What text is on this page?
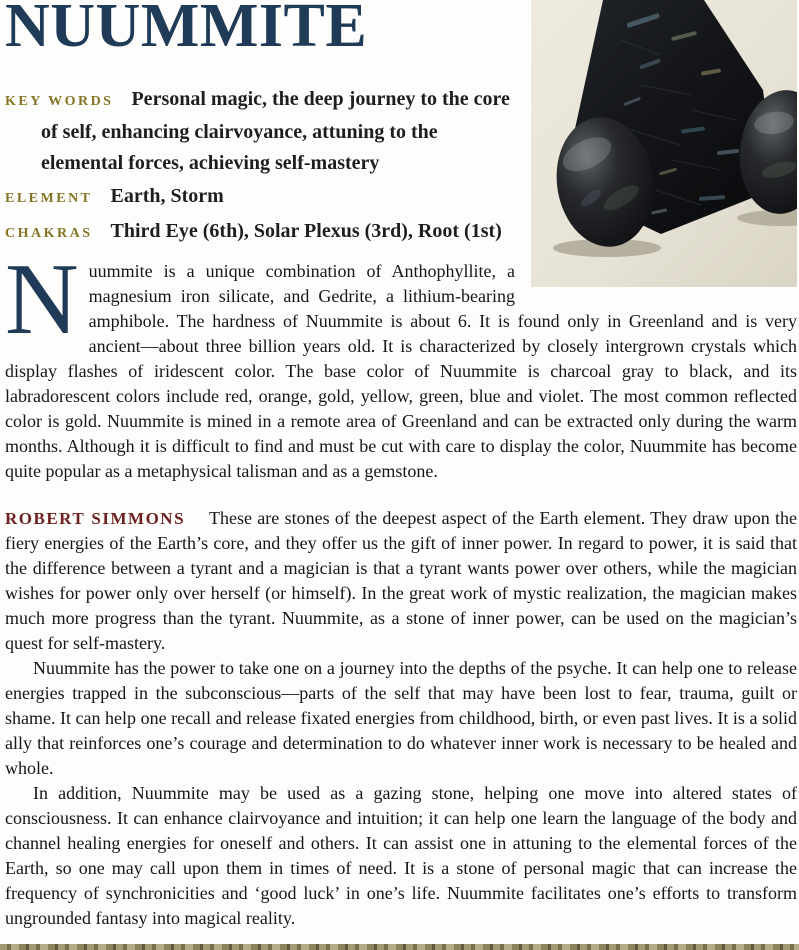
NUUMMITE
KEY WORDS Personal magic, the deep journey to the core of self, enhancing clairvoyance, attuning to the elemental forces, achieving self-mastery
ELEMENT Earth, Storm
CHAKRAS Third Eye (6th), Solar Plexus (3rd), Root (1st)

Nuummite is a unique combination of Anthophyllite, a magnesium iron silicate, and Gedrite, a lithium-bearing amphibole. The hardness of Nuummite is about 6. It is found only in Greenland and is very ancient—about three billion years old. It is characterized by closely intergrown crystals which display flashes of iridescent color. The base color of Nuummite is charcoal gray to black, and its labradorescent colors include red, orange, gold, yellow, green, blue and violet. The most common reflected color is gold. Nuummite is mined in a remote area of Greenland and can be extracted only during the warm months. Although it is difficult to find and must be cut with care to display the color, Nuummite has become quite popular as a metaphysical talisman and as a gemstone.

ROBERT SIMMONS These are stones of the deepest aspect of the Earth element. They draw upon the fiery energies of the Earth’s core, and they offer us the gift of inner power. In regard to power, it is said that the difference between a tyrant and a magician is that a tyrant wants power over others, while the magician wishes for power only over herself (or himself). In the great work of mystic realization, the magician makes much more progress than the tyrant. Nuummite, as a stone of inner power, can be used on the magician’s quest for self-mastery.

Nuummite has the power to take one on a journey into the depths of the psyche. It can help one to release energies trapped in the subconscious—parts of the self that may have been lost to fear, trauma, guilt or shame. It can help one recall and release fixated energies from childhood, birth, or even past lives. It is a solid ally that reinforces one’s courage and determination to do whatever inner work is necessary to be healed and whole.

In addition, Nuummite may be used as a gazing stone, helping one move into altered states of consciousness. It can enhance clairvoyance and intuition; it can help one learn the language of the body and channel healing energies for oneself and others. It can assist one in attuning to the elemental forces of the Earth, so one may call upon them in times of need. It is a stone of personal magic that can increase the frequency of synchronicities and ‘good luck’ in one’s life. Nuummite facilitates one’s efforts to transform ungrounded fantasy into magical reality.
